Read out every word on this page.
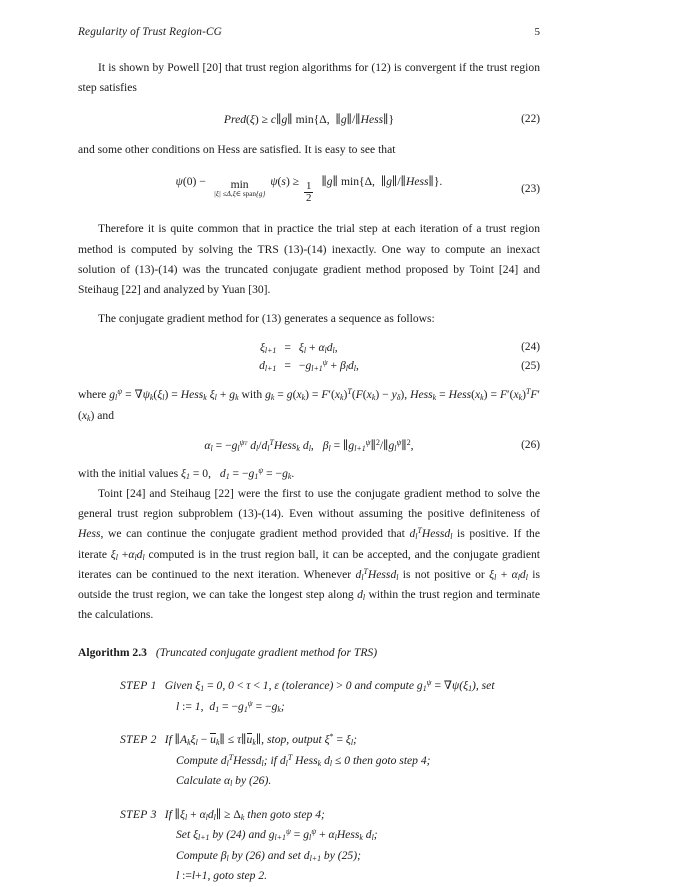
Regularity of Trust Region-CG	5

It is shown by Powell [20] that trust region algorithms for (12) is convergent if the trust region step satisfies

Pred(ξ) ≥ c∥g∥ min{Δ, ∥g∥/∥Hess∥}	(22)

and some other conditions on Hess are satisfied. It is easy to see that

ψ(0) − min
|ξ| ≤Δ,ξ∈ span{g}
ψ(s) ≥
$\frac{1}{2}$
∥g∥ min{Δ, ∥g∥/∥Hess∥}.
(23)

Therefore it is quite common that in practice the trial step at each iteration of a trust region method is computed by solving the TRS (13)-(14) inexactly. One way to compute an inexact solution of (13)-(14) was the truncated conjugate gradient method proposed by Toint [24] and Steihaug [22] and analyzed by Yuan [30].

The conjugate gradient method for (13) generates a sequence as follows:

$\xi_{l+1} = \xi_l + \alpha_ld_l$,
$d_{l+1} = -g_{l+1}^\psi + \beta_ld_l$,
(24)
(25)

where $g_l^\psi = \nabla\psi_k(\xi_l)$ = Hess$_k$ $\xi_l + g_k$ with $g_k = g(x_k) = F'(x_k)^T(F(x_k) - y_\delta)$, Hess$_k$ = $Hess(x_k) = F'(x_k)^TF'(x_k)$ and

$\alpha_l = -g_l^{\psi T}$ $d_l/d_l^THess_k$ $d_l$, $\beta_l$ = $\parallel g_{l+1}^\psi\parallel^2/\parallel g_l^\psi\parallel^2$,	(26)

with the initial values $\xi_1 = 0$, $d_1 = -g_1^\psi = -g_k$.

Toint [24] and Steihaug [22] were the first to use the conjugate gradient method to solve the general trust region subproblem (13)-(14). Even without assuming the positive definiteness of Hess, we can continue the conjugate gradient method provided that $d_l^THessd_l$ is positive. If the iterate $\xi_l +\alpha_ld_l$ computed is in the trust region ball, it can be accepted, and the conjugate gradient iterates can be continued to the next iteration. Whenever $d_l^THessd_l$ is not positive or $\xi_l + \alpha_ld_l$ is outside the trust region, we can take the longest step along $d_l$ within the trust region and terminate the calculations.

Algorithm 2.3 (Truncated conjugate gradient method for TRS)
STEP 1 Given $\xi_1 = 0$, 0 < τ < 1, ε (tolerance) > 0 and compute $g_1^\psi = \nabla\psi(\xi_1)$, set
l := 1, $d_1 = -g_1^\psi = -g_k$;
STEP 2 If $\parallel A_k\xi_l$ − $u_k\parallel$ ≤ $\tau\parallel u_k\parallel$, stop, output $\xi^* = \xi_l$;
Compute $d_l^THessd_l$; if $d_l^T$ Hess$_k$ $d_l \le 0$ then goto step 4;
Calculate $\alpha_l$ by (26).
STEP 3 If $\parallel\xi_l$ + $\alpha_ld_l\parallel \ge \Delta_k$ then goto step 4;
Set $\xi_{l+1}$ by (24) and $g_{l+1}^\psi = g_l^\psi$ + $\alpha_lHess_k$ $d_l$;
Compute $\beta_l$ by (26) and set $d_{l+1}$ by (25);
l :=l+1, goto step 2.
